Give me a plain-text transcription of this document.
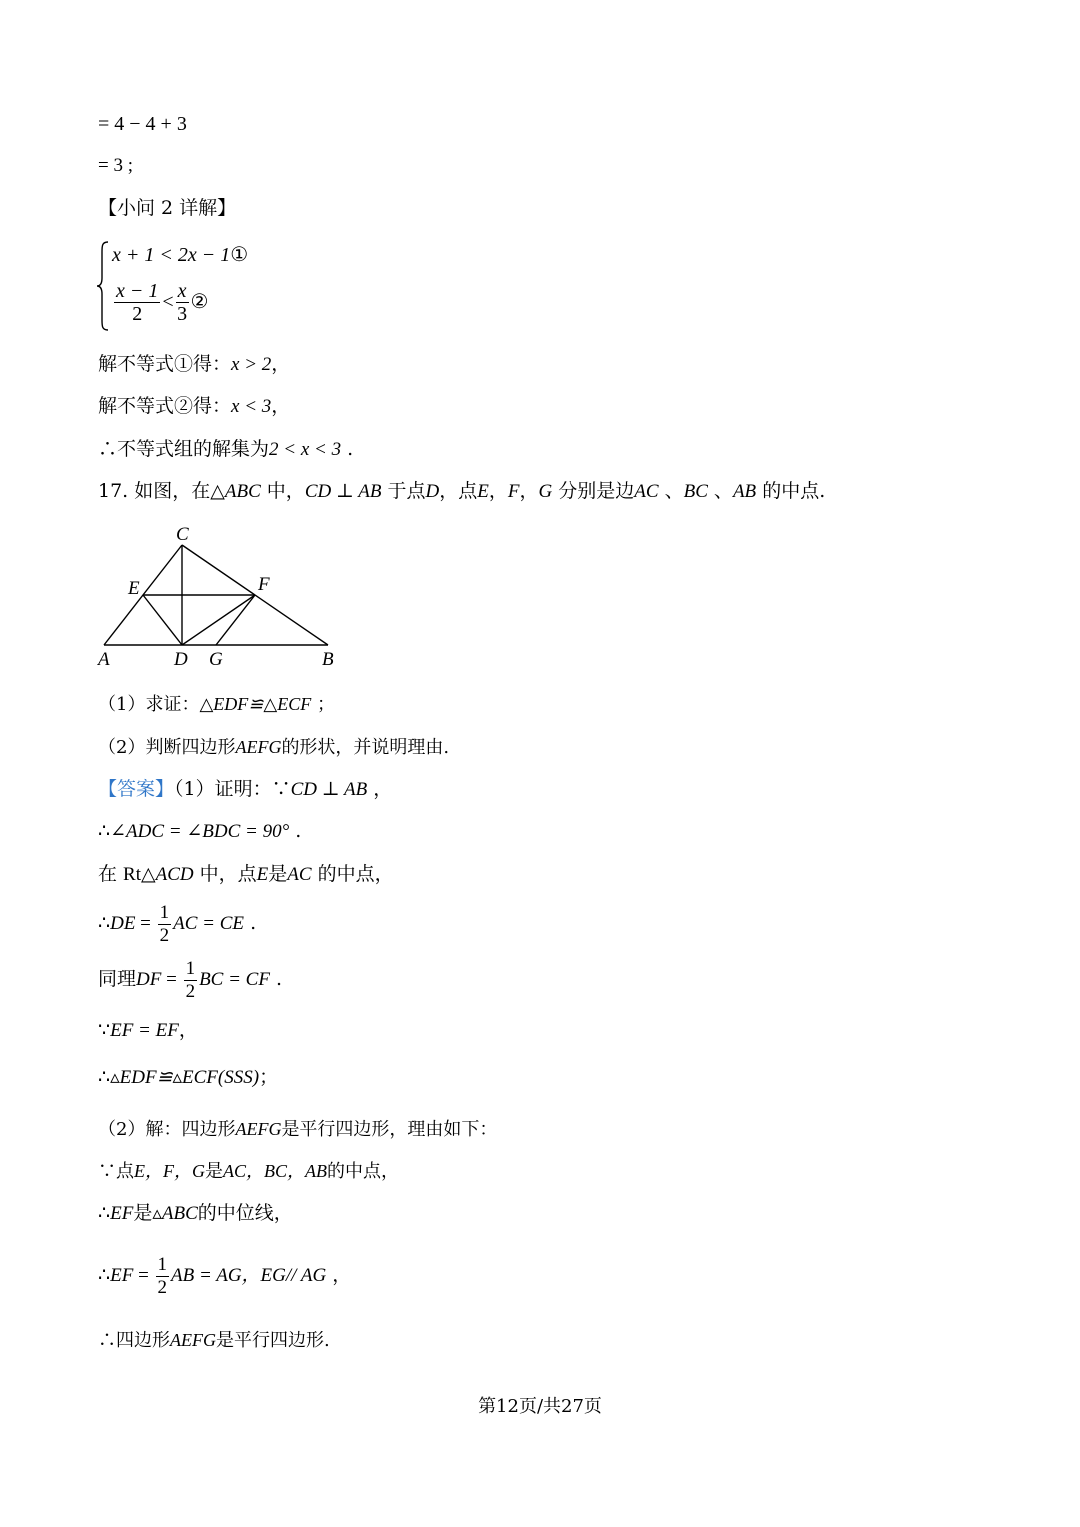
= 4 − 4 + 3
= 3 ;
【小问 2 详解】
x + 1 < 2x − 1①
$\frac{x - 1}{2} < \frac{x}{3}$ ②
解不等式①得：x > 2，
解不等式②得：x < 3，
∴不等式组的解集为2 < x < 3 .
17. 如图，在△ABC 中，CD ⊥ AB 于点D，点E，F，G 分别是边AC 、BC 、AB 的中点.
C
E	F
A	D G	B
（1）求证：△EDF≌△ECF ；
（2）判断四边形AEFG的形状，并说明理由.
【答案】（1）证明：∵CD ⊥ AB ，
∴∠ADC = ∠BDC = 90° .
在 Rt△ACD 中，点E是AC 的中点，
∴DE = $\frac{1}{2}$ AC = CE .
同理DF = $\frac{1}{2}$ BC = CF .
∵EF = EF，
∴▵EDF≌▵ECF(SSS)；
（2）解：四边形AEFG是平行四边形，理由如下：
∵点E，F，G是AC，BC，AB的中点，
∴EF是▵ABC的中位线，
∴EF = $\frac{1}{2}$ AB = AG，EG// AG ，
∴四边形AEFG是平行四边形.
第12页/共27页
